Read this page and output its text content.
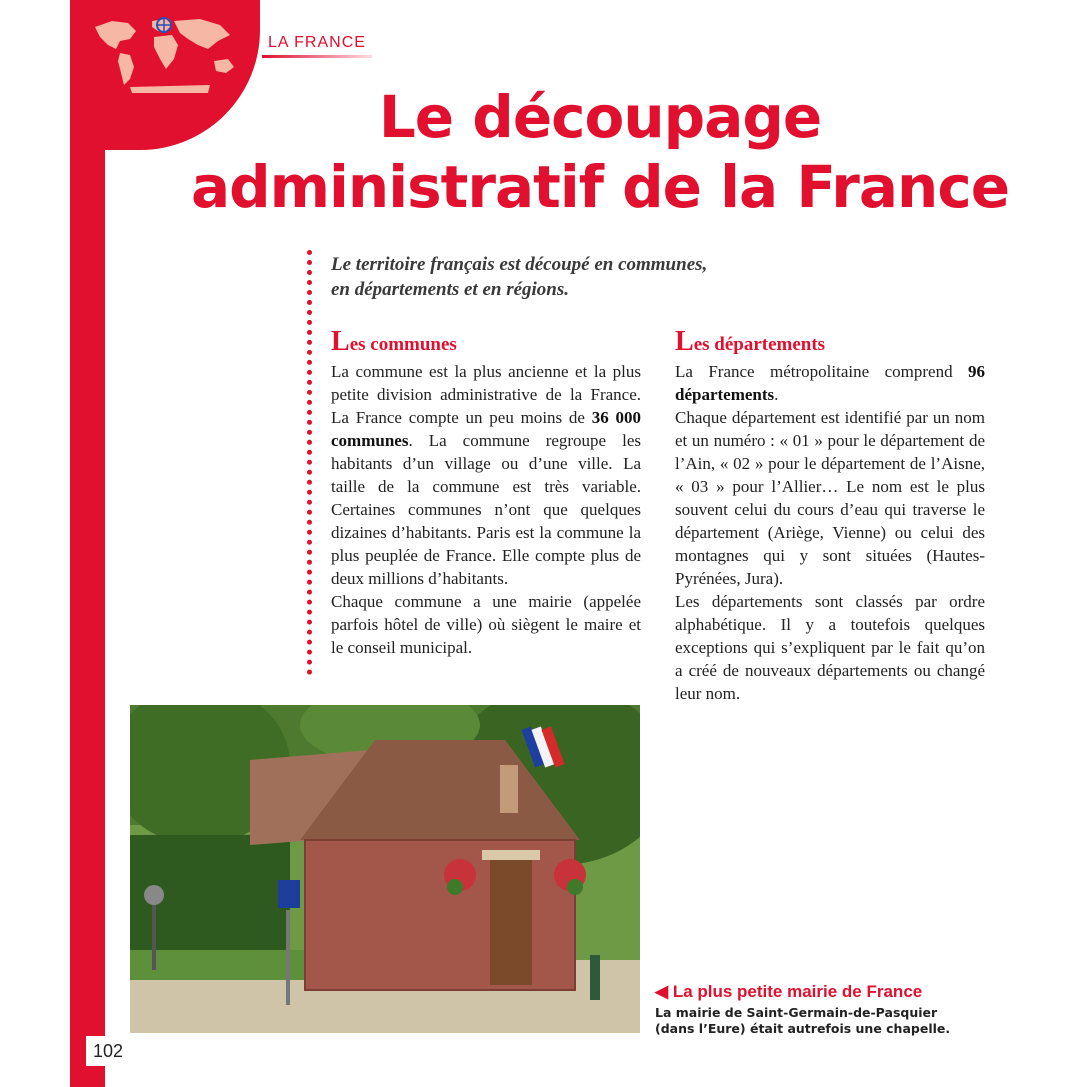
LA FRANCE
Le découpage
administratif de la France
Le territoire français est découpé en communes,
en départements et en régions.
Les communes

La commune est la plus ancienne et la plus petite division administrative de la France. La France compte un peu moins de 36 000 communes. La commune regroupe les habitants d’un village ou d’une ville. La taille de la commune est très variable. Certaines communes n’ont que quelques dizaines d’habitants. Paris est la commune la plus peuplée de France. Elle compte plus de deux millions d’habitants.

Chaque commune a une mairie (appelée parfois hôtel de ville) où siègent le maire et le conseil municipal.

Les départements

La France métropolitaine comprend 96 départements.

Chaque département est identifié par un nom et un numéro : « 01 » pour le département de l’Ain, « 02 » pour le département de l’Aisne, « 03 » pour l’Allier… Le nom est le plus souvent celui du cours d’eau qui traverse le département (Ariège, Vienne) ou celui des montagnes qui y sont situées (Hautes-Pyrénées, Jura).

Les départements sont classés par ordre alphabétique. Il y a toutefois quelques exceptions qui s’expliquent par le fait qu’on a créé de nouveaux départements ou changé leur nom.

◀ La plus petite mairie de France
La mairie de Saint-Germain-de-Pasquier
(dans l’Eure) était autrefois une chapelle.
102
